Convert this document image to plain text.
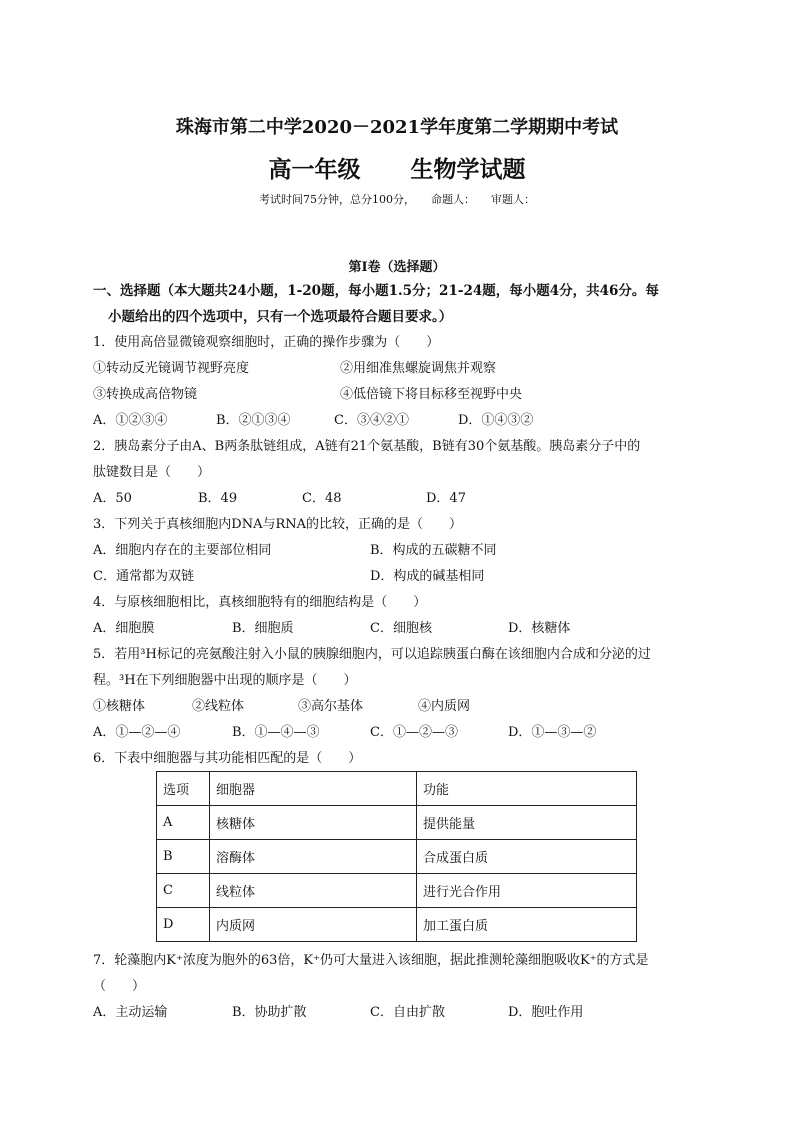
珠海市第二中学2020－2021学年度第二学期期中考试
高一年级 生物学试题
考试时间75分钟，总分100分， 命题人： 审题人：
第Ⅰ卷（选择题）
一、选择题（本大题共24小题，1-20题，每小题1.5分；21-24题，每小题4分，共46分。每
小题给出的四个选项中，只有一个选项最符合题目要求。）
1．使用高倍显微镜观察细胞时，正确的操作步骤为（　　）
①转动反光镜调节视野亮度	②用细准焦螺旋调焦并观察
③转换成高倍物镜	④低倍镜下将目标移至视野中央
A．①②③④	B．②①③④	C．③④②①	D．①④③②
2．胰岛素分子由A、B两条肽链组成，A链有21个氨基酸，B链有30个氨基酸。胰岛素分子中的
肽键数目是（　　）
A．50	B．49	C．48	D．47
3．下列关于真核细胞内DNA与RNA的比较，正确的是（　　）
A．细胞内存在的主要部位相同	B．构成的五碳糖不同
C．通常都为双链	D．构成的碱基相同
4．与原核细胞相比，真核细胞特有的细胞结构是（　　）
A．细胞膜	B．细胞质	C．细胞核	D．核糖体
5．若用³H标记的亮氨酸注射入小鼠的胰腺细胞内，可以追踪胰蛋白酶在该细胞内合成和分泌的过
程。³H在下列细胞器中出现的顺序是（　　）
①核糖体	②线粒体	③高尔基体	④内质网
A．①—②—④	B．①—④—③	C．①—②—③	D．①—③—②
6．下表中细胞器与其功能相匹配的是（　　）
选项	细胞器	功能
A	核糖体	提供能量
B	溶酶体	合成蛋白质
C	线粒体	进行光合作用
D	内质网	加工蛋白质
7．轮藻胞内K⁺浓度为胞外的63倍，K⁺仍可大量进入该细胞，据此推测轮藻细胞吸收K⁺的方式是
（　　）
A．主动运输	B．协助扩散	C．自由扩散	D．胞吐作用
